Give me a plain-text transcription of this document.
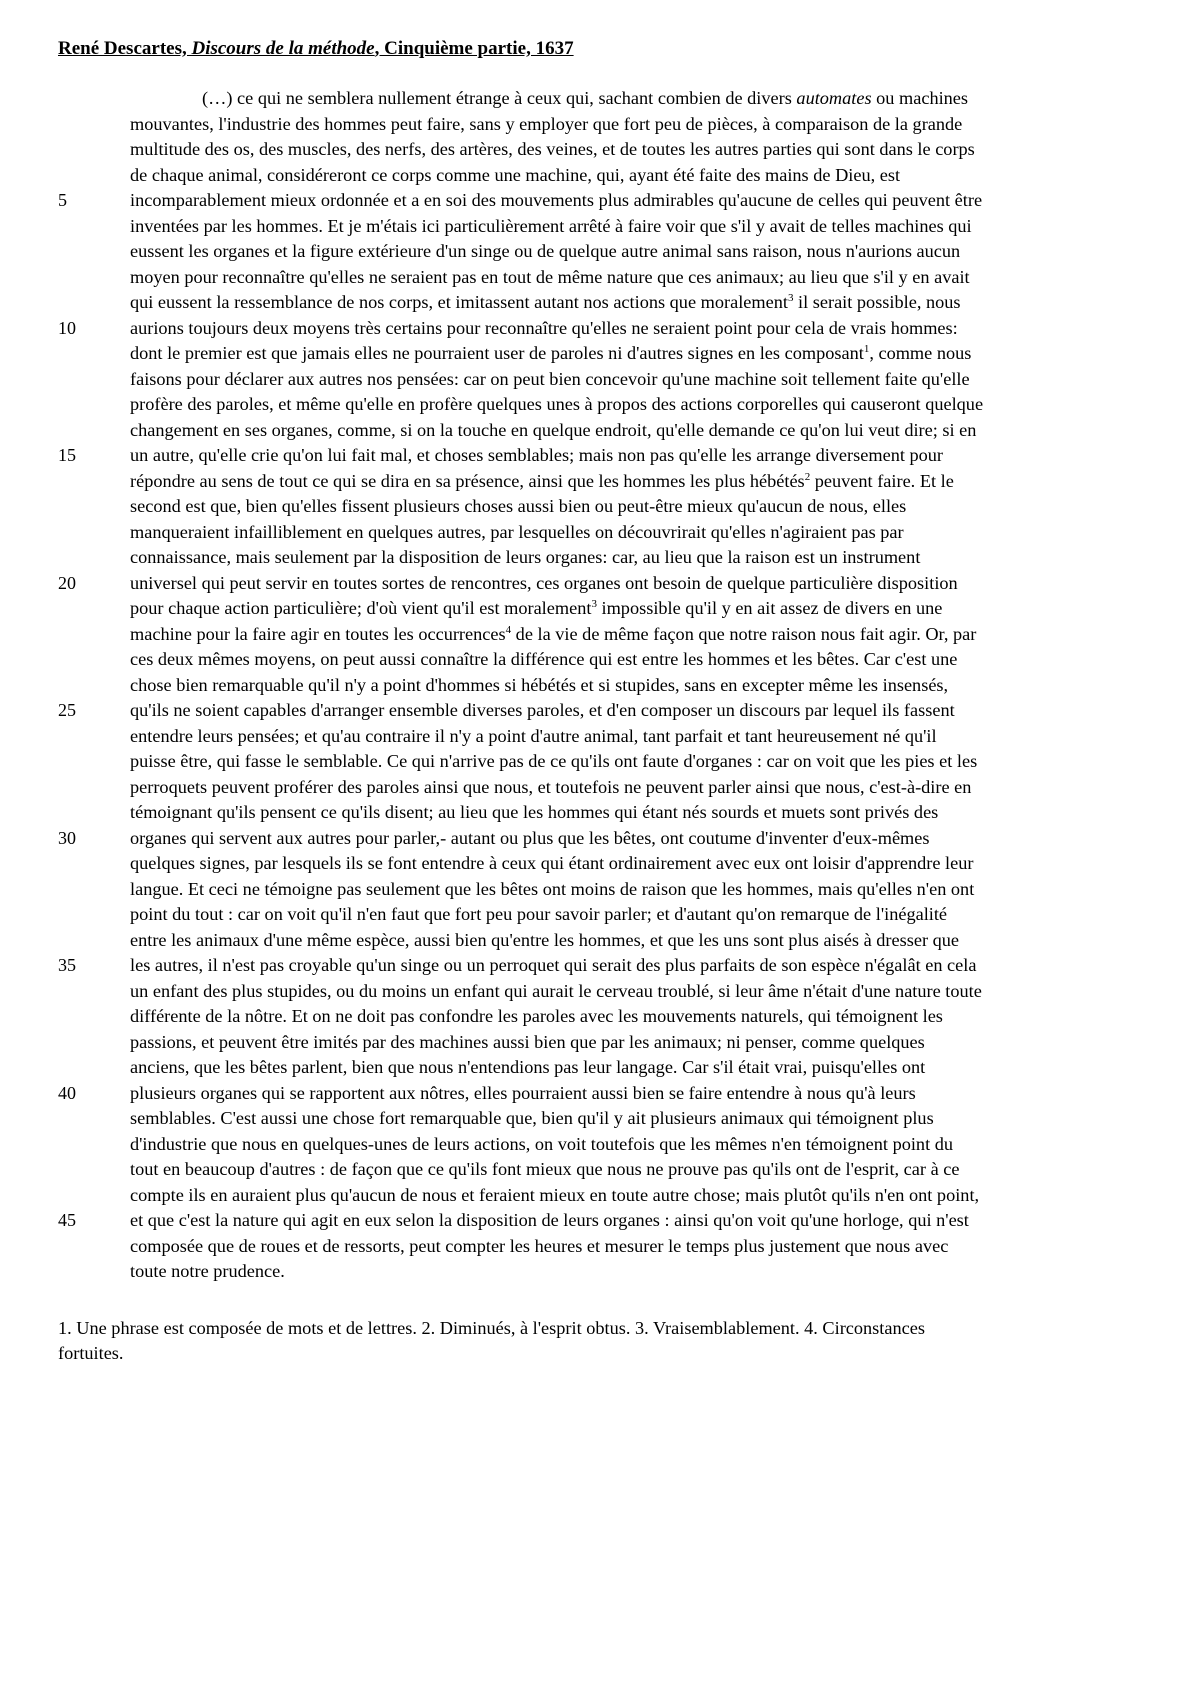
René Descartes, Discours de la méthode, Cinquième partie, 1637
(…) ce qui ne semblera nullement étrange à ceux qui, sachant combien de divers automates ou machines
mouvantes, l'industrie des hommes peut faire, sans y employer que fort peu de pièces, à comparaison de la grande
multitude des os, des muscles, des nerfs, des artères, des veines, et de toutes les autres parties qui sont dans le corps
de chaque animal, considéreront ce corps comme une machine, qui, ayant été faite des mains de Dieu, est
5	incomparablement mieux ordonnée et a en soi des mouvements plus admirables qu'aucune de celles qui peuvent être
inventées par les hommes. Et je m'étais ici particulièrement arrêté à faire voir que s'il y avait de telles machines qui
eussent les organes et la figure extérieure d'un singe ou de quelque autre animal sans raison, nous n'aurions aucun
moyen pour reconnaître qu'elles ne seraient pas en tout de même nature que ces animaux; au lieu que s'il y en avait
qui eussent la ressemblance de nos corps, et imitassent autant nos actions que moralement$^3$ il serait possible, nous
10	aurions toujours deux moyens très certains pour reconnaître qu'elles ne seraient point pour cela de vrais hommes:
dont le premier est que jamais elles ne pourraient user de paroles ni d'autres signes en les composant$^1$, comme nous
faisons pour déclarer aux autres nos pensées: car on peut bien concevoir qu'une machine soit tellement faite qu'elle
profère des paroles, et même qu'elle en profère quelques unes à propos des actions corporelles qui causeront quelque
changement en ses organes, comme, si on la touche en quelque endroit, qu'elle demande ce qu'on lui veut dire; si en
15	un autre, qu'elle crie qu'on lui fait mal, et choses semblables; mais non pas qu'elle les arrange diversement pour
répondre au sens de tout ce qui se dira en sa présence, ainsi que les hommes les plus hébétés$^2$ peuvent faire. Et le
second est que, bien qu'elles fissent plusieurs choses aussi bien ou peut-être mieux qu'aucun de nous, elles
manqueraient infailliblement en quelques autres, par lesquelles on découvrirait qu'elles n'agiraient pas par
connaissance, mais seulement par la disposition de leurs organes: car, au lieu que la raison est un instrument
20	universel qui peut servir en toutes sortes de rencontres, ces organes ont besoin de quelque particulière disposition
pour chaque action particulière; d'où vient qu'il est moralement$^3$ impossible qu'il y en ait assez de divers en une
machine pour la faire agir en toutes les occurrences$^4$ de la vie de même façon que notre raison nous fait agir. Or, par
ces deux mêmes moyens, on peut aussi connaître la différence qui est entre les hommes et les bêtes. Car c'est une
chose bien remarquable qu'il n'y a point d'hommes si hébétés et si stupides, sans en excepter même les insensés,
25	qu'ils ne soient capables d'arranger ensemble diverses paroles, et d'en composer un discours par lequel ils fassent
entendre leurs pensées; et qu'au contraire il n'y a point d'autre animal, tant parfait et tant heureusement né qu'il
puisse être, qui fasse le semblable. Ce qui n'arrive pas de ce qu'ils ont faute d'organes : car on voit que les pies et les
perroquets peuvent proférer des paroles ainsi que nous, et toutefois ne peuvent parler ainsi que nous, c'est-à-dire en
témoignant qu'ils pensent ce qu'ils disent; au lieu que les hommes qui étant nés sourds et muets sont privés des
30	organes qui servent aux autres pour parler,- autant ou plus que les bêtes, ont coutume d'inventer d'eux-mêmes
quelques signes, par lesquels ils se font entendre à ceux qui étant ordinairement avec eux ont loisir d'apprendre leur
langue. Et ceci ne témoigne pas seulement que les bêtes ont moins de raison que les hommes, mais qu'elles n'en ont
point du tout : car on voit qu'il n'en faut que fort peu pour savoir parler; et d'autant qu'on remarque de l'inégalité
entre les animaux d'une même espèce, aussi bien qu'entre les hommes, et que les uns sont plus aisés à dresser que
35	les autres, il n'est pas croyable qu'un singe ou un perroquet qui serait des plus parfaits de son espèce n'égalât en cela
un enfant des plus stupides, ou du moins un enfant qui aurait le cerveau troublé, si leur âme n'était d'une nature toute
différente de la nôtre. Et on ne doit pas confondre les paroles avec les mouvements naturels, qui témoignent les
passions, et peuvent être imités par des machines aussi bien que par les animaux; ni penser, comme quelques
anciens, que les bêtes parlent, bien que nous n'entendions pas leur langage. Car s'il était vrai, puisqu'elles ont
40	plusieurs organes qui se rapportent aux nôtres, elles pourraient aussi bien se faire entendre à nous qu'à leurs
semblables. C'est aussi une chose fort remarquable que, bien qu'il y ait plusieurs animaux qui témoignent plus
d'industrie que nous en quelques-unes de leurs actions, on voit toutefois que les mêmes n'en témoignent point du
tout en beaucoup d'autres : de façon que ce qu'ils font mieux que nous ne prouve pas qu'ils ont de l'esprit, car à ce
compte ils en auraient plus qu'aucun de nous et feraient mieux en toute autre chose; mais plutôt qu'ils n'en ont point,
45	et que c'est la nature qui agit en eux selon la disposition de leurs organes : ainsi qu'on voit qu'une horloge, qui n'est
composée que de roues et de ressorts, peut compter les heures et mesurer le temps plus justement que nous avec
toute notre prudence.
1. Une phrase est composée de mots et de lettres. 2. Diminués, à l'esprit obtus. 3. Vraisemblablement. 4. Circonstances
fortuites.
